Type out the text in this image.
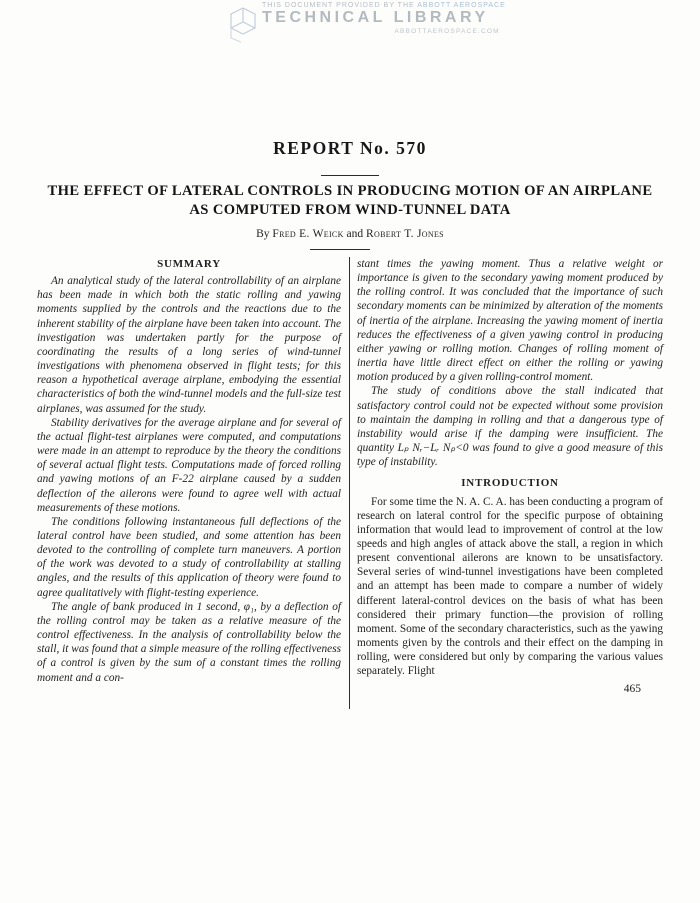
THIS DOCUMENT PROVIDED BY THE ABBOTT AEROSPACE
TECHNICAL LIBRARY
ABBOTTAEROSPACE.COM
REPORT No. 570
THE EFFECT OF LATERAL CONTROLS IN PRODUCING MOTION OF AN AIRPLANE
AS COMPUTED FROM WIND-TUNNEL DATA
By Fred E. Weick and Robert T. Jones
SUMMARY

An analytical study of the lateral controllability of an airplane has been made in which both the static rolling and yawing moments supplied by the controls and the reactions due to the inherent stability of the airplane have been taken into account. The investigation was undertaken partly for the purpose of coordinating the results of a long series of wind-tunnel investigations with phenomena observed in flight tests; for this reason a hypothetical average airplane, embodying the essential characteristics of both the wind-tunnel models and the full-size test airplanes, was assumed for the study.

Stability derivatives for the average airplane and for several of the actual flight-test airplanes were computed, and computations were made in an attempt to reproduce by the theory the conditions of several actual flight tests. Computations made of forced rolling and yawing motions of an F-22 airplane caused by a sudden deflection of the ailerons were found to agree well with actual measurements of these motions.

The conditions following instantaneous full deflections of the lateral control have been studied, and some attention has been devoted to the controlling of complete turn maneuvers. A portion of the work was devoted to a study of controllability at stalling angles, and the results of this application of theory were found to agree qualitatively with flight-testing experience.

The angle of bank produced in 1 second, φ₁, by a deflection of the rolling control may be taken as a relative measure of the control effectiveness. In the analysis of controllability below the stall, it was found that a simple measure of the rolling effectiveness of a control is given by the sum of a constant times the rolling moment and a con-

stant times the yawing moment. Thus a relative weight or importance is given to the secondary yawing moment produced by the rolling control. It was concluded that the importance of such secondary moments can be minimized by alteration of the moments of inertia of the airplane. Increasing the yawing moment of inertia reduces the effectiveness of a given yawing control in producing either yawing or rolling motion. Changes of rolling moment of inertia have little direct effect on either the rolling or yawing motion produced by a given rolling-control moment.

The study of conditions above the stall indicated that satisfactory control could not be expected without some provision to maintain the damping in rolling and that a dangerous type of instability would arise if the damping were insufficient. The quantity Lₚ Nᵣ−Lᵣ Nₚ<0 was found to give a good measure of this type of instability.

INTRODUCTION

For some time the N. A. C. A. has been conducting a program of research on lateral control for the specific purpose of obtaining information that would lead to improvement of control at the low speeds and high angles of attack above the stall, a region in which present conventional ailerons are known to be unsatisfactory. Several series of wind-tunnel investigations have been completed and an attempt has been made to compare a number of widely different lateral-control devices on the basis of what has been considered their primary function—the provision of rolling moment. Some of the secondary characteristics, such as the yawing moments given by the controls and their effect on the damping in rolling, were considered but only by comparing the various values separately. Flight

465
